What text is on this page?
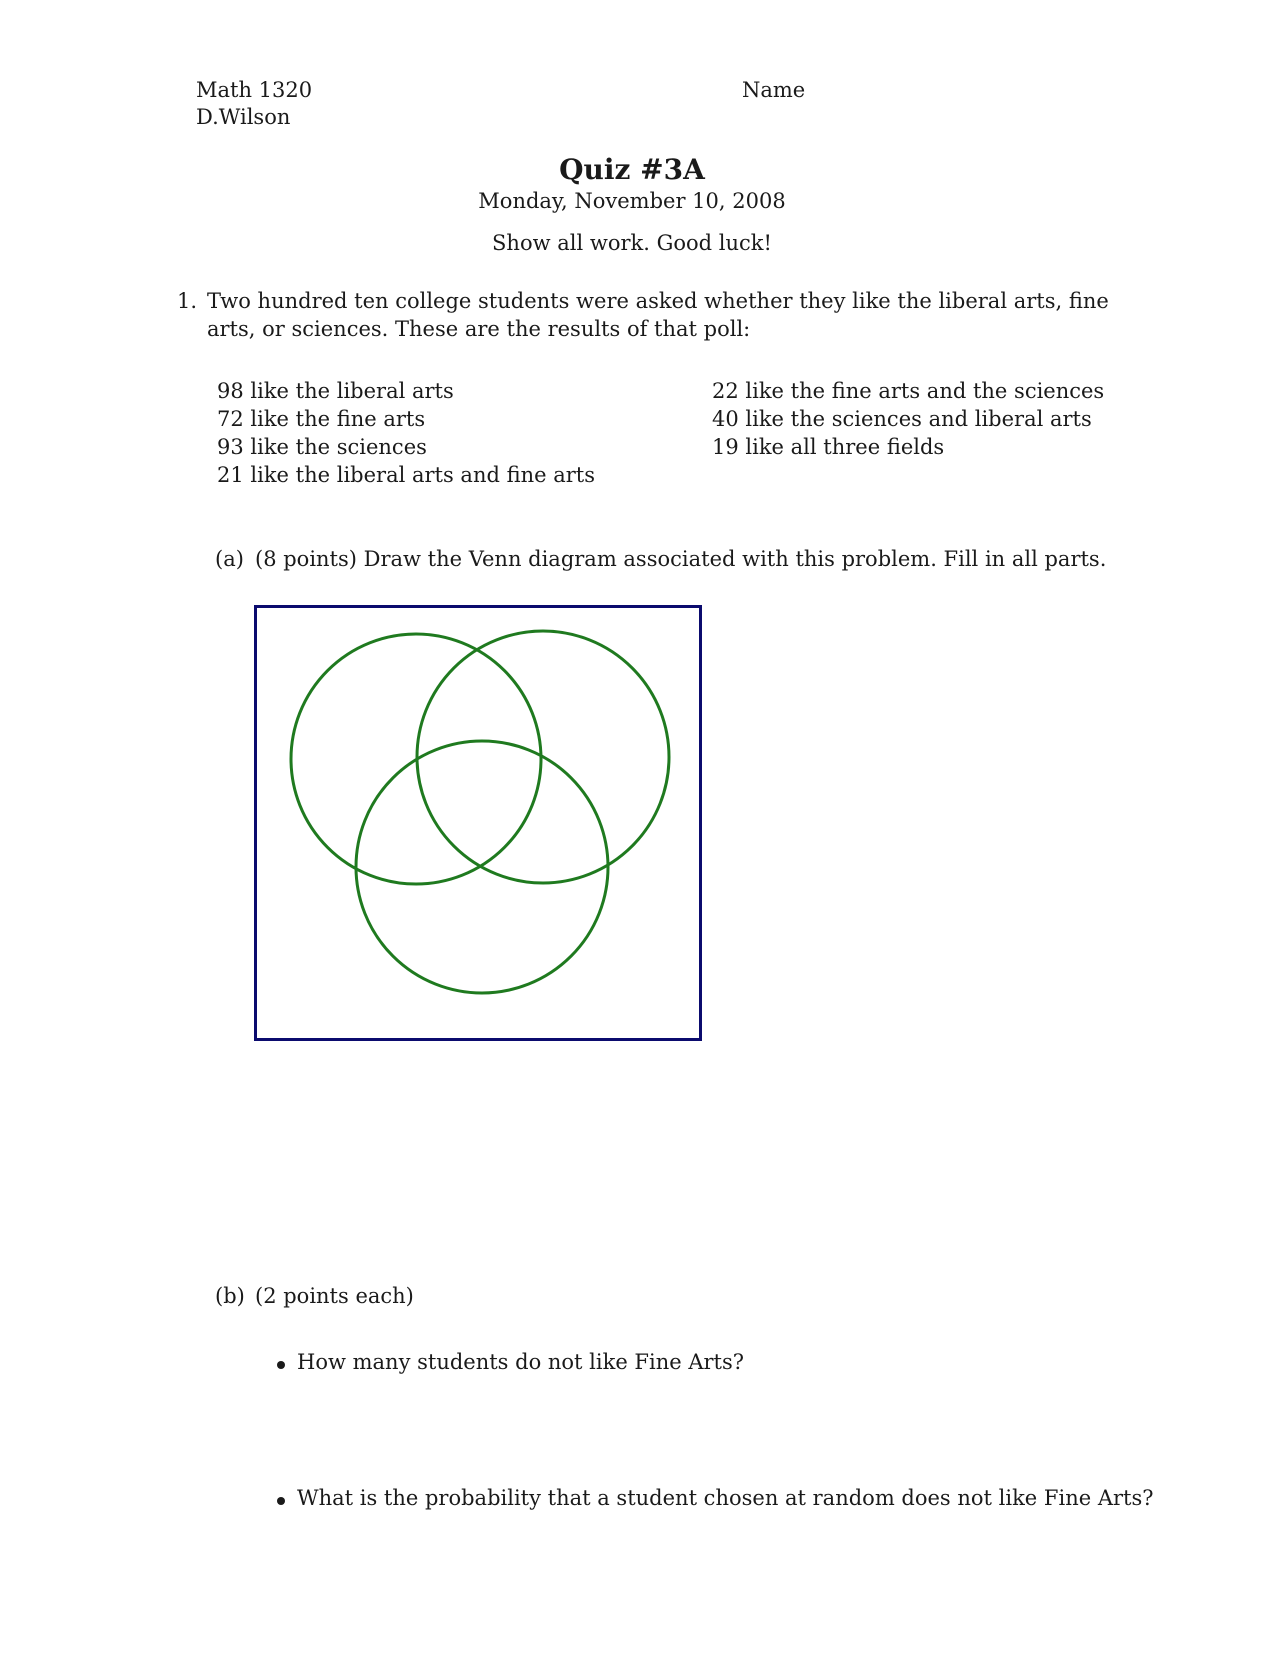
Math 1320
D.Wilson
Name
Quiz #3A
Monday, November 10, 2008
Show all work. Good luck!
1. Two hundred ten college students were asked whether they like the liberal arts, fine arts, or sciences. These are the results of that poll:
98 like the liberal arts
72 like the fine arts
93 like the sciences
21 like the liberal arts and fine arts
22 like the fine arts and the sciences
40 like the sciences and liberal arts
19 like all three fields
(a) (8 points) Draw the Venn diagram associated with this problem. Fill in all parts.
(b) (2 points each)
How many students do not like Fine Arts?
What is the probability that a student chosen at random does not like Fine Arts?
